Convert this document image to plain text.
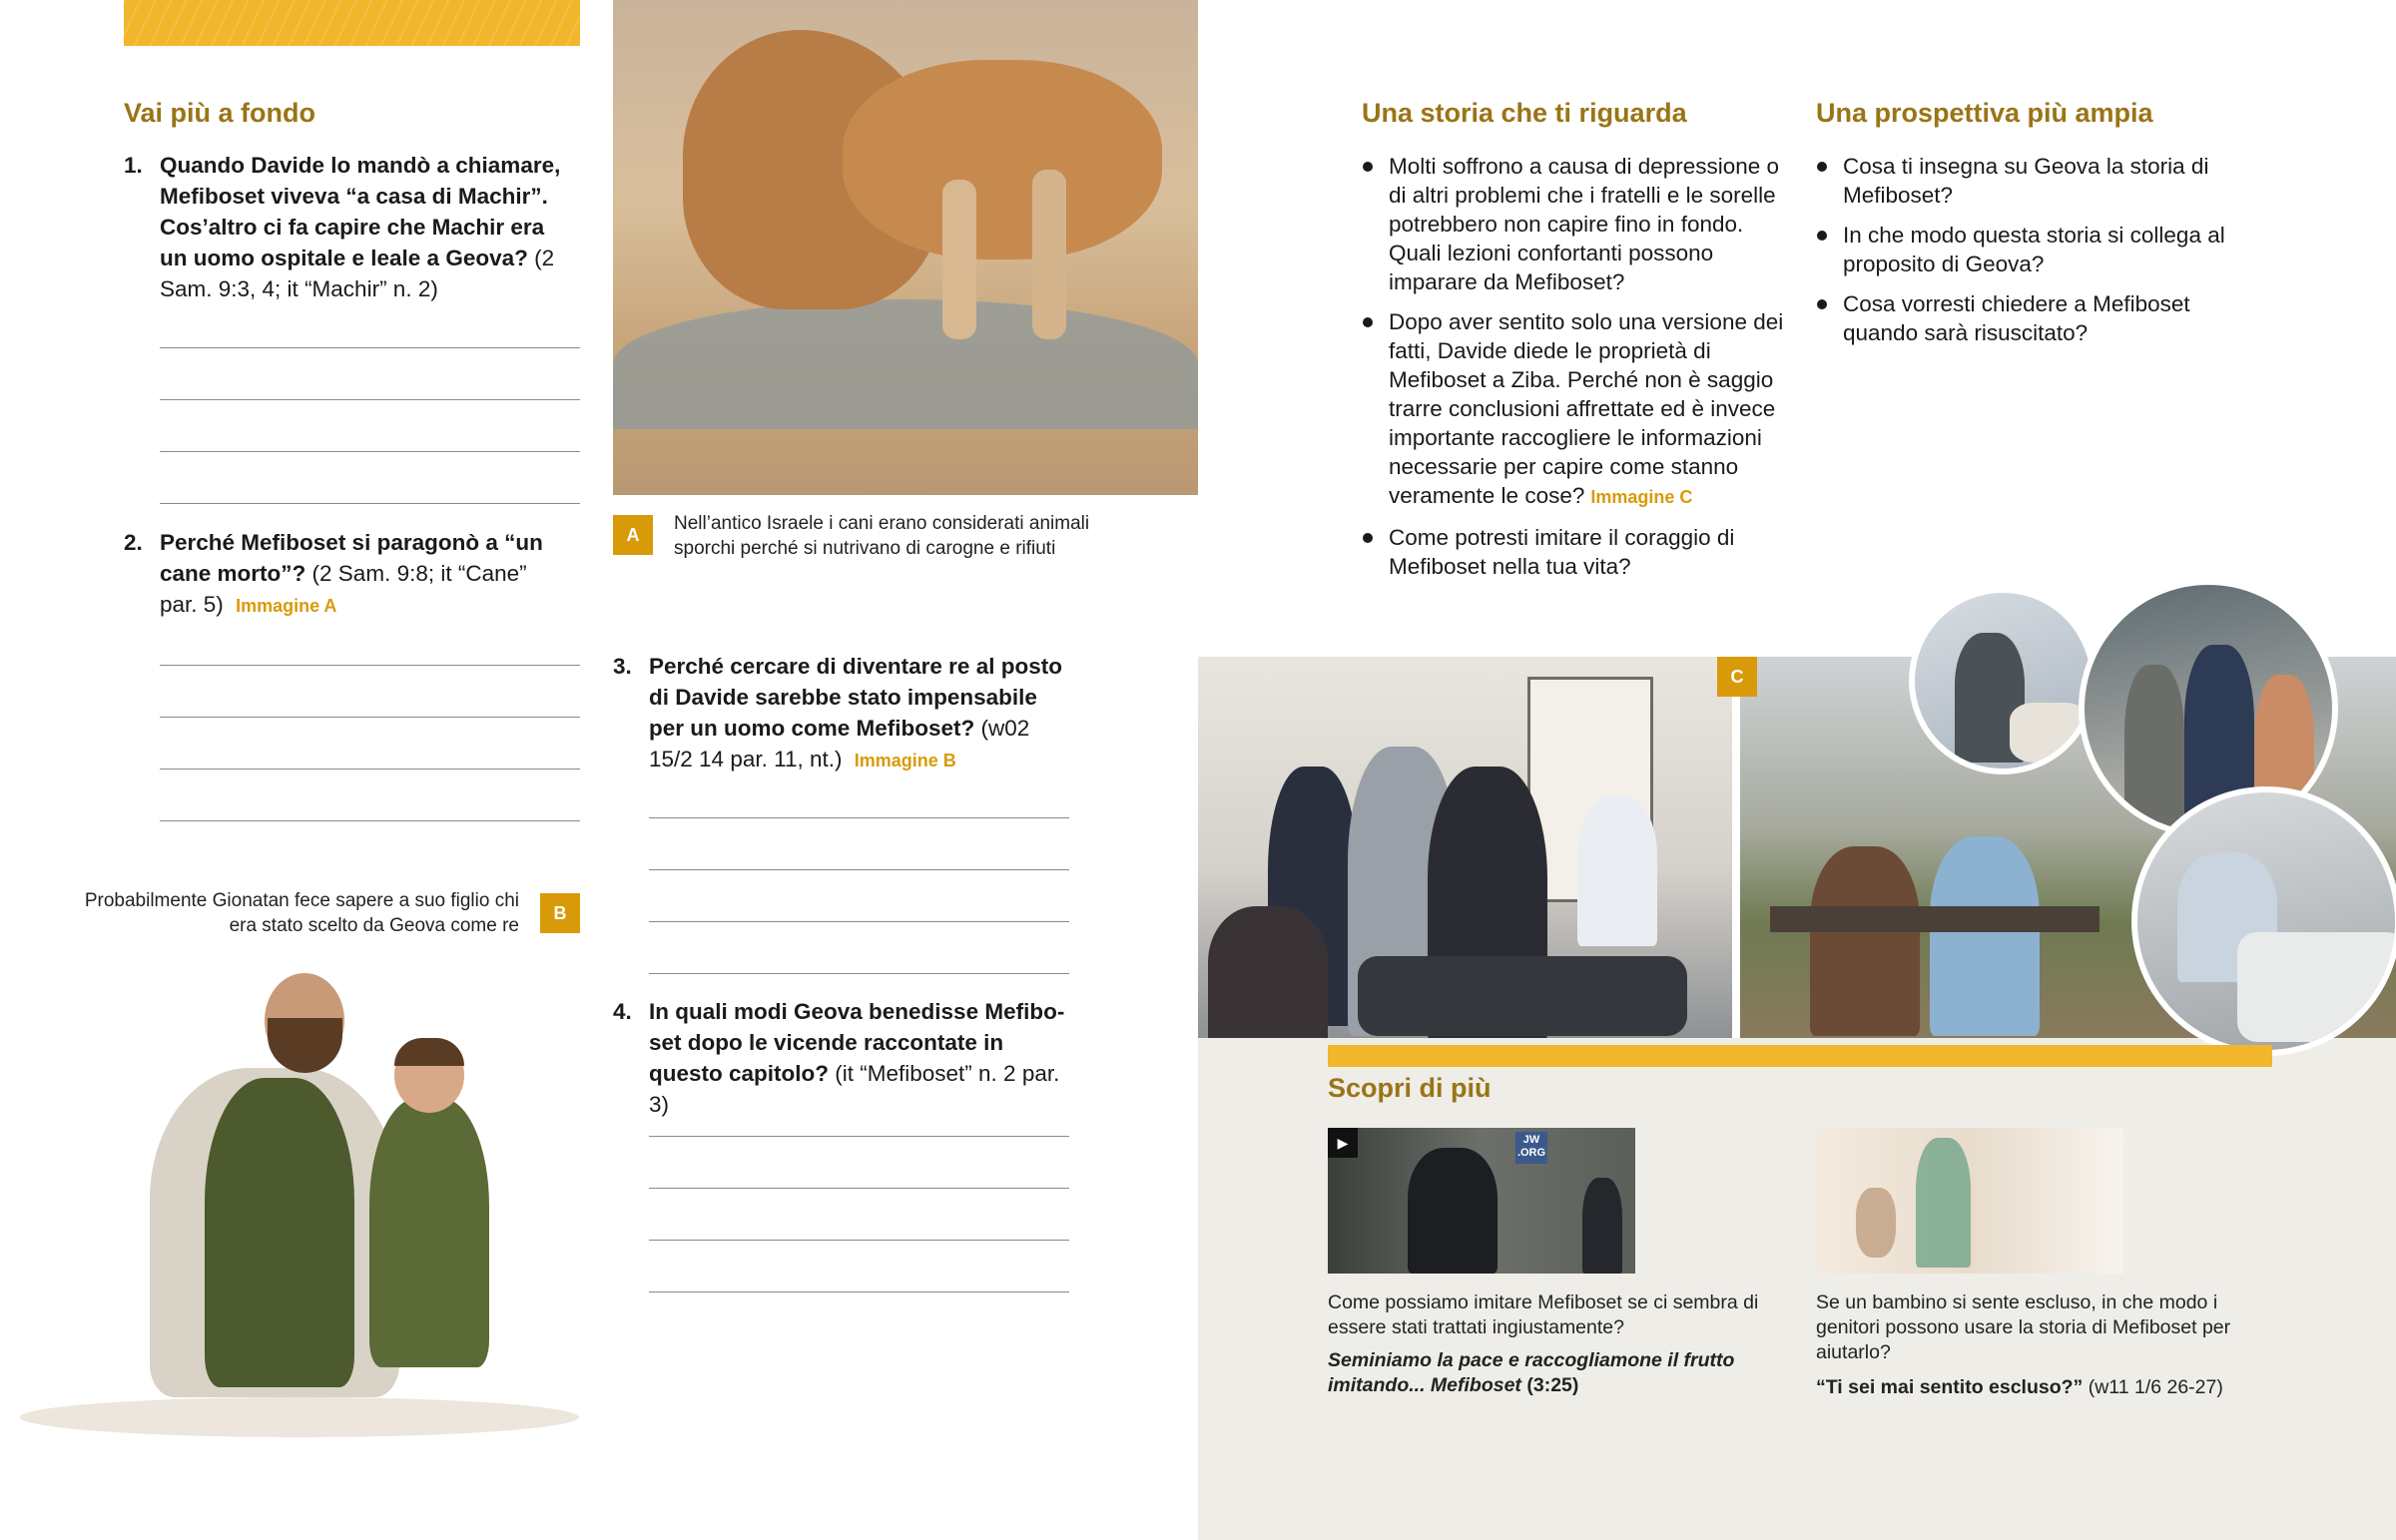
Vai più a fondo
1. Quando Davide lo mandò a chiamare, Mefiboset viveva “a casa di Machir”. Cos’altro ci fa capire che Machir era un uomo ospitale e leale a Geova? (2 Sam. 9:3, 4; it “Machir” n. 2)
2. Perché Mefiboset si paragonò a “un cane morto”? (2 Sam. 9:8; it “Cane” par. 5) Immagine A
Probabilmente Gionatan fece sapere a suo figlio chi era stato scelto da Geova come re
B
A
Nell’antico Israele i cani erano considerati animali sporchi perché si nutrivano di carogne e rifiuti
3. Perché cercare di diventare re al posto di Davide sarebbe stato impensabile per un uomo come Mefiboset? (w02 15/2 14 par. 11, nt.) Immagine B
4. In quali modi Geova benedisse Mefiboset dopo le vicende raccontate in questo capitolo? (it “Mefiboset” n. 2 par. 3)
Una storia che ti riguarda
Molti soffrono a causa di depressione o di altri problemi che i fratelli e le sorelle potrebbero non capire fino in fondo. Quali lezioni confortanti possono imparare da Mefiboset?
Dopo aver sentito solo una versione dei fatti, Davide diede le proprietà di Mefiboset a Ziba. Perché non è saggio trarre conclusioni affrettate ed è invece importante raccogliere le informazioni necessarie per capire come stanno veramente le cose? Immagine C
Come potresti imitare il coraggio di Mefiboset nella tua vita?
Una prospettiva più ampia
Cosa ti insegna su Geova la storia di Mefiboset?
In che modo questa storia si collega al proposito di Geova?
Cosa vorresti chiedere a Mefiboset quando sarà risuscitato?
C
Scopri di più
▶	JW .ORG
Come possiamo imitare Mefiboset se ci sembra di essere stati trattati ingiustamente?
Seminiamo la pace e raccogliamone il frutto imitando... Mefiboset (3:25)
Se un bambino si sente escluso, in che modo i genitori possono usare la storia di Mefiboset per aiutarlo?
“Ti sei mai sentito escluso?” (w11 1/6 26-27)
